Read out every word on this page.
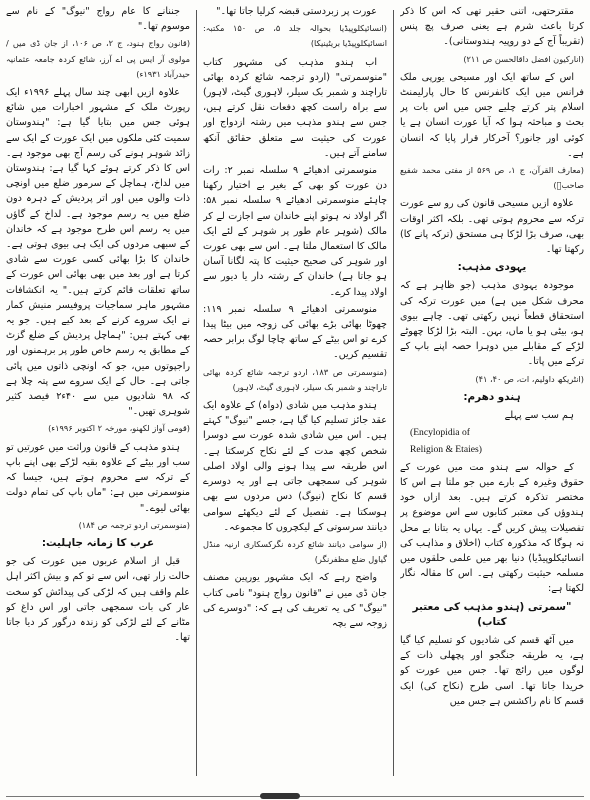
مقترحتھی، اتنی حقیر تھی کہ اس کا ذکر کرتا باعث شرم ہے یعنی صرف پچ پنس (تقریباً آج کے دو روپیہ ہندوستانی)۔

(انارکیون افضل داقالحسن ص ۲۱۱)

اس کے ساتھ ایک اور مسیحی یورپی ملک فرانس میں ایک کانفرنس کا حال پارلیمنٹ اسلام پتر کرتے چلیے جس میں اس بات پر بحث و مباحثہ ہوا کہ آیا عورت انسان ہے یا کوئی اور جانور؟ آخرکار قرار پایا کہ انسان ہے۔

(معارف القرآن، ج ۱، ص ۵۶۹ از مفتی محمد شفیع صاحبؒ)

علاوہ ازیں مسیحی قانون کی رو سے عورت ترکہ سے محروم ہوتی تھی۔ بلکہ اکثر اوقات بھی، صرف بڑا لڑکا ہی مستحق (ترکہ پانے کا) رکھتا تھا۔

یہودی مذہب:

موجودہ یہودی مذہب (جو ظاہر ہے کہ محرف شکل میں ہے) میں عورت ترکہ کی استحقاق قطعاً نہیں رکھتی تھی۔ چاہے بیوی ہو، بیٹی ہو یا ماں، بہن۔ البتہ بڑا لڑکا چھوٹے لڑکے کے مقابلے میں دوہرا حصہ اپنے باپ کے ترکے میں پاتا۔

(انٹریکھ داولیم، ات، ص ۴۰، ۴۱)

ہندو دھرم:

ہم سب سے پہلے

(Encylopidia of

Religion & Etaies)

کے حوالہ سے ہندو مت میں عورت کے حقوق وغیرہ کے بارے میں جو ملتا ہے اس کا مختصر تذکرہ کرتے ہیں۔ بعد ازاں خود ہندوؤں کی معتبر کتابوں سے اس موضوع پر تفصیلات پیش کریں گے۔ یہاں یہ بتانا بے محل نہ ہوگا کہ مذکورہ کتاب (اخلاق و مذاہب کی انسائیکلوپیڈیا) دنیا بھر میں علمی حلقوں میں مسلمہ حیثیت رکھتی ہے۔ اس کا مقالہ نگار لکھتا ہے:

"سمرتی (ہندو مذہب کی معتبر کتاب)

میں آٹھ قسم کی شادیوں کو تسلیم کیا گیا ہے، یہ طریقہ جنگجو اور پچھلی ذات کے لوگوں میں رائج تھا۔ جس میں عورت کو خریدا جاتا تھا۔ اسی طرح (نکاح کی) ایک قسم کا نام راکشس ہے جس میں

عورت پر زبردستی قبضہ کرلیا جاتا تھا۔"

(انسائیکلوپیڈیا بحوالہ جلد ۵، ص ۱۵۰ مکتبہ: انسائیکلوپیڈیا بریٹینیکا)

اب ہندو مذہب کی مشہور کتاب "منوسمرتی" (اردو ترجمہ شائع کردہ بھائی تاراچند و شمبر بک سیلر، لاہوری گیٹ، لاہور) سے براہ راست کچھ دفعات نقل کرتے ہیں، جس سے ہندو مذہب میں رشتہ ازدواج اور عورت کی حیثیت سے متعلق حقائق آنکھ سامنے آتے ہیں۔

منوسمرتی ادھیائے ۹ سلسلہ نمبر ۲: رات دن عورت کو بھی کے بغیر بے اختیار رکھنا چاہئے منوسمرتی ادھیائے ۹ سلسلہ نمبر ۵۸: اگر اولاد نہ ہوتو اپنے خاندان سے اجازت لے کر مالک (شوہر عام طور پر شوہر کے لئے ایک مالک کا استعمال ملتا ہے۔ اس سے بھی عورت اور شوہر کی صحیح حیثیت کا پتہ لگانا آسان ہو جاتا ہے) خاندان کے رشتہ دار یا دیور سے اولاد پیدا کرے۔

منوسمرتی ادھیائے ۹ سلسلہ نمبر ۱۱۹: چھوٹا بھائی بڑے بھائی کی زوجہ میں بیٹا پیدا کرے تو اس بیٹے کے ساتھ چاچا لوگ برابر حصہ تقسیم کریں۔

(منوسمرتی ص ۱۸۳، اردو ترجمہ شائع کردہ بھائی تاراچند و شمبر بک سیلر، لاہوری گیٹ، لاہور)

ہندو مذہب میں شادی (دواہ) کے علاوہ ایک عقد جائز تسلیم کیا گیا ہے، جسے "نیوگ" کہتے ہیں۔ اس میں شادی شدہ عورت سے دوسرا شخص کچھ مدت کے لئے نکاح کرسکتا ہے۔ اس طریقہ سے پیدا ہونے والی اولاد اصلی شوہر کی سمجھی جاتی ہے اور یہ دوسرے قسم کا نکاح (نیوگ) دس مردوں سے بھی ہوسکتا ہے۔ تفصیل کے لئے دیکھئے سوامی دیانند سرسوتی کے لیکچروں کا مجموعہ۔

(از سوامی دیانند شائع کردہ نگرکسکاری ارنیہ منڈل گیاول ضلع مظفرنگر)

واضح رہے کہ ایک مشہور یورپین مصنف جان ڈی میں نے "قانون رواج ہنود" نامی کتاب "نیوگ" کی یہ تعریف کی ہے کہ: "دوسرے کی زوجہ سے بچہ

جننانے کا عام رواج "نیوگ" کے نام سے موسوم تھا۔"

(قانون رواج ہنود، ج ۲، ص ۱۰۶، از جان ڈی میں / مولوی آر ایس پی اے آرز، شائع کردہ جامعہ عثمانیہ حیدرآباد ۱۹۳۱ء)

علاوہ ازیں ابھی چند سال پہلے ۱۹۹۶ء ایک رپورٹ ملک کے مشہور اخبارات میں شائع ہوئی جس میں بتایا گیا ہے: "ہندوستان سمیت کئی ملکوں میں ایک عورت کے ایک سے زائد شوہر ہونے کی رسم آج بھی موجود ہے۔ اس کا ذکر کرتے ہوئے کہا گیا ہے: ہندوستان میں لداخ، ہماچل کے سرمور ضلع میں اونچی ذات والوں میں اور اتر پردیش کے دہرہ دون ضلع میں یہ رسم موجود ہے۔ لداخ کے گاؤں میں یہ رسم اس طرح موجود ہے کہ خاندان کے سبھی مردوں کی ایک ہی بیوی ہوتی ہے۔ خاندان کا بڑا بھائی کسی عورت سے شادی کرتا ہے اور بعد میں بھی بھائی اس عورت کے ساتھ تعلقات قائم کرتے ہیں۔" یہ انکشافات مشہور ماہر سماجیات پروفیسر منیش کمار نے ایک سروے کرنے کے بعد کیے ہیں۔ جو یہ بھی کہتے ہیں: "ہماچل پردیش کے ضلع گزٹ کے مطابق یہ رسم خاص طور پر برہمنوں اور راجپوتوں میں، جو کہ اونچی ذاتوں میں پائی جاتی ہے۔ حال کے ایک سروے سے پتہ چلا ہے کہ ۹۸ شادیوں میں سے ۴۰ء۲ فیصد کثیر شوہری تھیں۔"

(قومی آواز لکھنو، مورخہ ۲ اکتوبر ۱۹۹۶ء)

ہندو مذہب کے قانون وراثت میں عورتیں تو سب اور بیٹے کے علاوہ بقیہ لڑکے بھی اپنے باپ کے ترکہ سے محروم ہوتے ہیں، جیسا کہ منوسمرتی میں ہے: "ماں باپ کی تمام دولت بھائی لیوے۔"

(منوسمرتی اردو ترجمہ ص ۱۸۴)

عرب کا زمانہ جاہلیت:

قبل از اسلام عربوں میں عورت کی جو حالت زار تھی، اس سے تو کم و بیش اکثر اہل علم واقف ہیں کہ لڑکی کی پیدائش کو سخت عار کی بات سمجھی جاتی اور اس داغ کو مٹانے کے لئے لڑکی کو زندہ درگور کر دیا جاتا تھا۔
